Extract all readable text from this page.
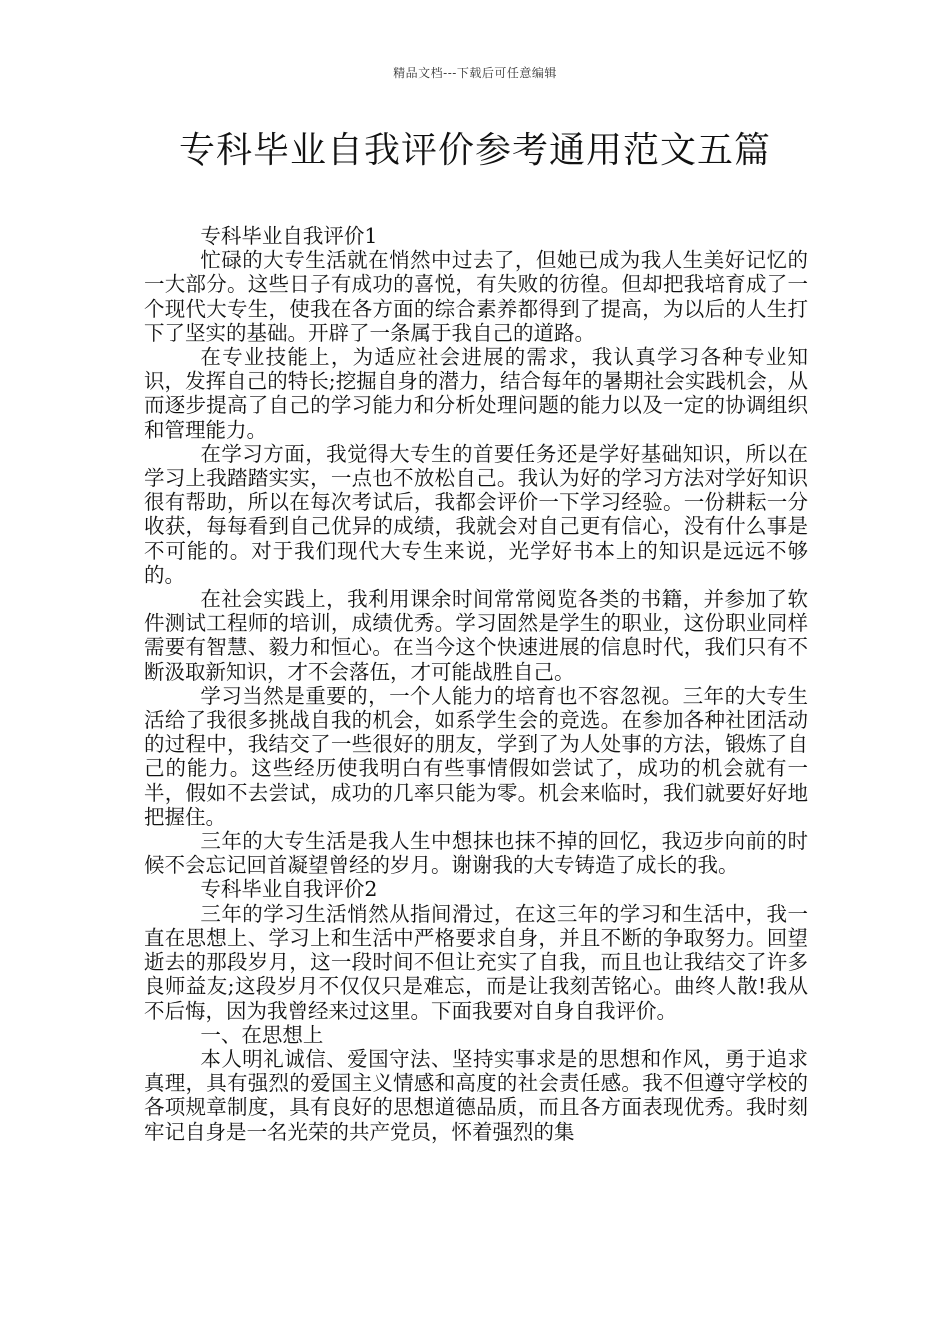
精品文档---下载后可任意编辑
专科毕业自我评价参考通用范文五篇

专科毕业自我评价1

忙碌的大专生活就在悄然中过去了，但她已成为我人生美好记忆的一大部分。这些日子有成功的喜悦，有失败的彷徨。但却把我培育成了一个现代大专生，使我在各方面的综合素养都得到了提高，为以后的人生打下了坚实的基础。开辟了一条属于我自己的道路。

在专业技能上，为适应社会进展的需求，我认真学习各种专业知识，发挥自己的特长;挖掘自身的潜力，结合每年的暑期社会实践机会，从而逐步提高了自己的学习能力和分析处理问题的能力以及一定的协调组织和管理能力。

在学习方面，我觉得大专生的首要任务还是学好基础知识，所以在学习上我踏踏实实，一点也不放松自己。我认为好的学习方法对学好知识很有帮助，所以在每次考试后，我都会评价一下学习经验。一份耕耘一分收获，每每看到自己优异的成绩，我就会对自己更有信心，没有什么事是不可能的。对于我们现代大专生来说，光学好书本上的知识是远远不够的。

在社会实践上，我利用课余时间常常阅览各类的书籍，并参加了软件测试工程师的培训，成绩优秀。学习固然是学生的职业，这份职业同样需要有智慧、毅力和恒心。在当今这个快速进展的信息时代，我们只有不断汲取新知识，才不会落伍，才可能战胜自己。

学习当然是重要的，一个人能力的培育也不容忽视。三年的大专生活给了我很多挑战自我的机会，如系学生会的竞选。在参加各种社团活动的过程中，我结交了一些很好的朋友，学到了为人处事的方法，锻炼了自己的能力。这些经历使我明白有些事情假如尝试了，成功的机会就有一半，假如不去尝试，成功的几率只能为零。机会来临时，我们就要好好地把握住。

三年的大专生活是我人生中想抹也抹不掉的回忆，我迈步向前的时候不会忘记回首凝望曾经的岁月。谢谢我的大专铸造了成长的我。

专科毕业自我评价2

三年的学习生活悄然从指间滑过，在这三年的学习和生活中，我一直在思想上、学习上和生活中严格要求自身，并且不断的争取努力。回望逝去的那段岁月，这一段时间不但让充实了自我，而且也让我结交了许多良师益友;这段岁月不仅仅只是难忘，而是让我刻苦铭心。曲终人散!我从不后悔，因为我曾经来过这里。下面我要对自身自我评价。

一、在思想上

本人明礼诚信、爱国守法、坚持实事求是的思想和作风，勇于追求真理，具有强烈的爱国主义情感和高度的社会责任感。我不但遵守学校的各项规章制度，具有良好的思想道德品质，而且各方面表现优秀。我时刻牢记自身是一名光荣的共产党员，怀着强烈的集
